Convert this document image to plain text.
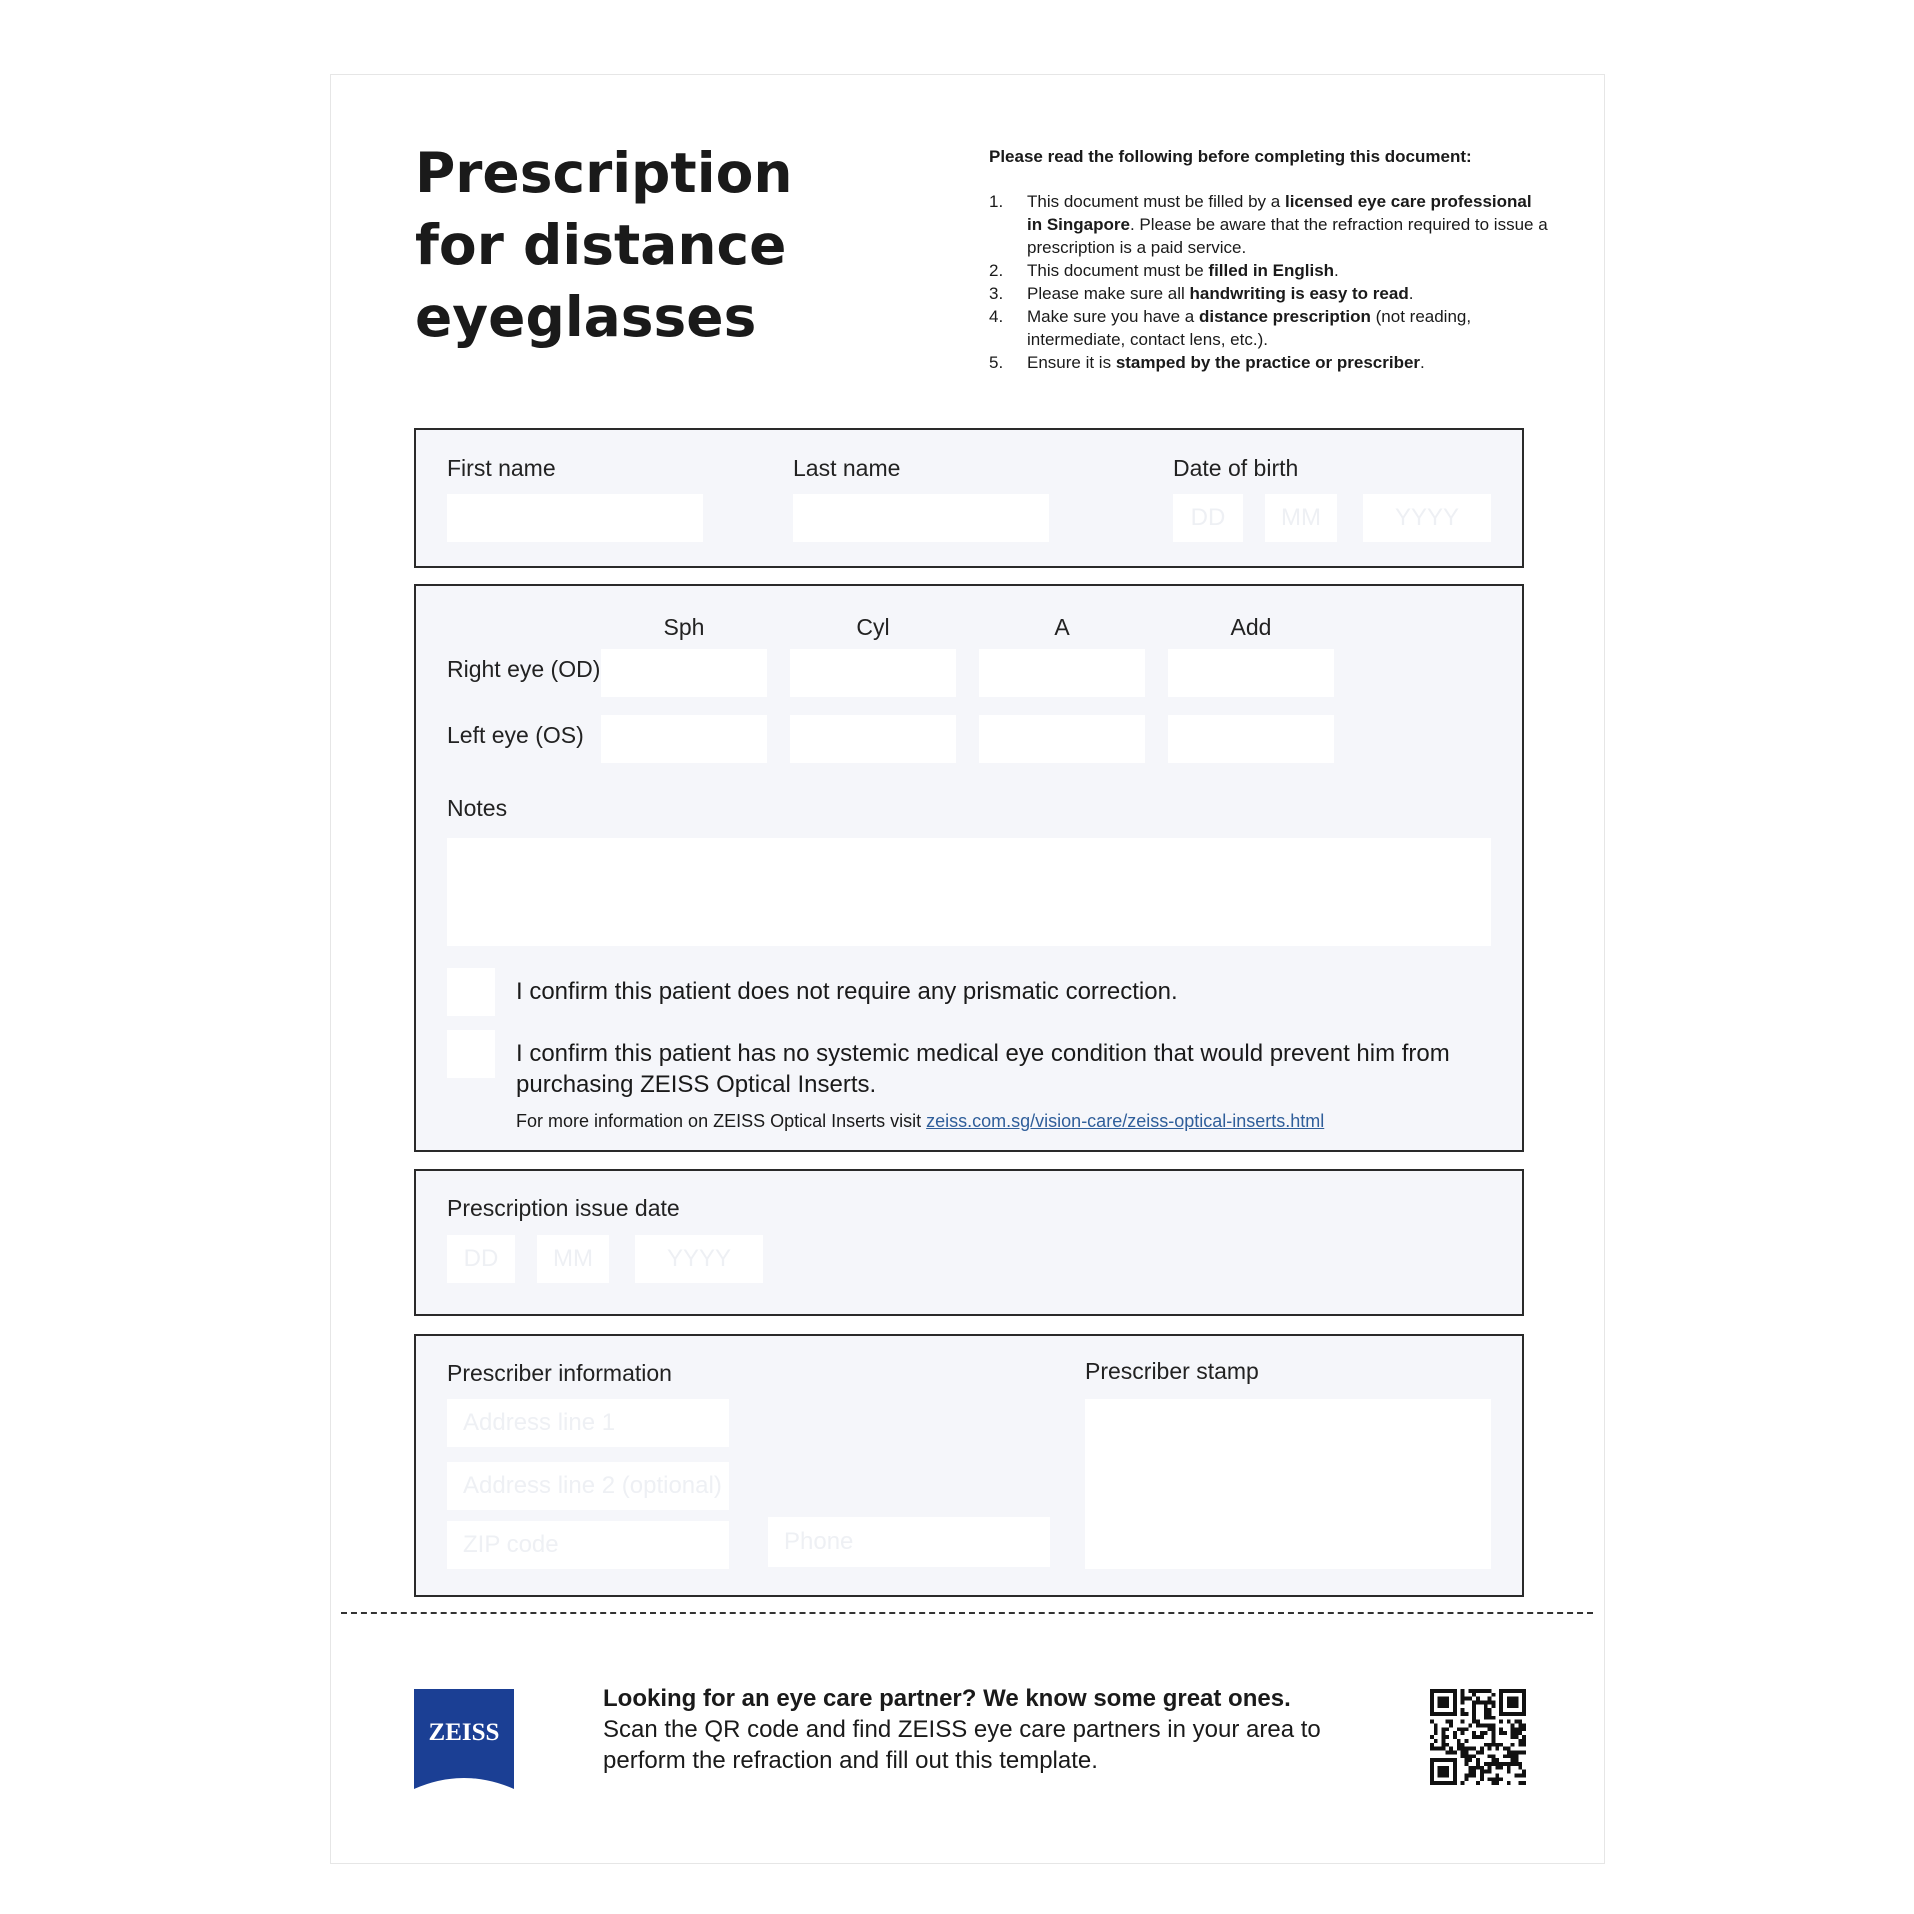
Prescription
for distance
eyeglasses
Please read the following before completing this document:
1. This document must be filled by a licensed eye care professional in Singapore. Please be aware that the refraction required to issue a prescription is a paid service.
2. This document must be filled in English.
3. Please make sure all handwriting is easy to read.
4. Make sure you have a distance prescription (not reading, intermediate, contact lens, etc.).
5. Ensure it is stamped by the practice or prescriber.
First name	Last name	Date of birth
DD	MM	YYYY
Sph	Cyl	A	Add
Right eye (OD)
Left eye (OS)
Notes
I confirm this patient does not require any prismatic correction.
I confirm this patient has no systemic medical eye condition that would prevent him from purchasing ZEISS Optical Inserts.
For more information on ZEISS Optical Inserts visit zeiss.com.sg/vision-care/zeiss-optical-inserts.html
Prescription issue date
DD	MM	YYYY
Prescriber information	Prescriber stamp
Address line 1
Address line 2 (optional)
ZIP code	Phone
ZEISS
Looking for an eye care partner? We know some great ones.
Scan the QR code and find ZEISS eye care partners in your area to perform the refraction and fill out this template.
